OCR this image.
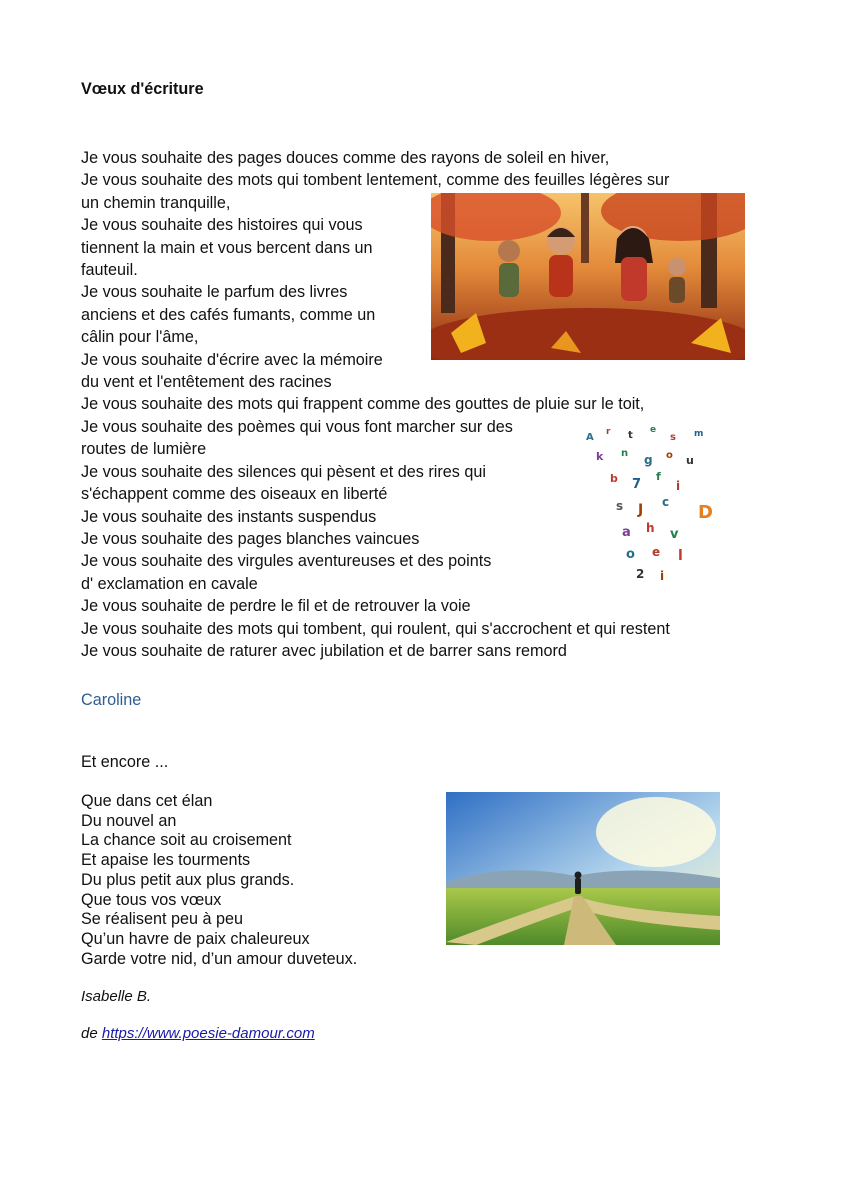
Vœux d'écriture
Je vous souhaite des pages douces comme des rayons de soleil en hiver,
Je vous souhaite des mots qui tombent lentement, comme des feuilles légères sur
un chemin tranquille,
Je vous souhaite des histoires qui vous
tiennent la main et vous bercent dans un
fauteuil.
Je vous souhaite le parfum des livres
anciens et des cafés fumants, comme un
câlin pour l'âme,
Je vous souhaite d'écrire avec la mémoire
du vent et l'entêtement des racines
Je vous souhaite des mots qui frappent comme des gouttes de pluie sur le toit,
Je vous souhaite des poèmes qui vous font marcher sur des
routes de lumière
Je vous souhaite des silences qui pèsent et des rires qui
s'échappent comme des oiseaux en liberté
Je vous souhaite des instants suspendus
Je vous souhaite des pages blanches vaincues
Je vous souhaite des virgules aventureuses et des points
d' exclamation en cavale
Je vous souhaite de perdre le fil et de retrouver la voie
Je vous souhaite des mots qui tombent, qui roulent, qui s'accrochent et qui restent
Je vous souhaite de raturer avec jubilation et de barrer sans remord
A r t e
s m
k n g o u
b 7
f
i
s J c D
a h v
o e l
2 i

Caroline

Et encore ...

Que dans cet élan
Du nouvel an
La chance soit au croisement
Et apaise les tourments
Du plus petit aux plus grands.
Que tous vos vœux
Se réalisent peu à peu
Qu’un havre de paix chaleureux
Garde votre nid, d’un amour duveteux.

Isabelle B.

de https://www.poesie-damour.com
